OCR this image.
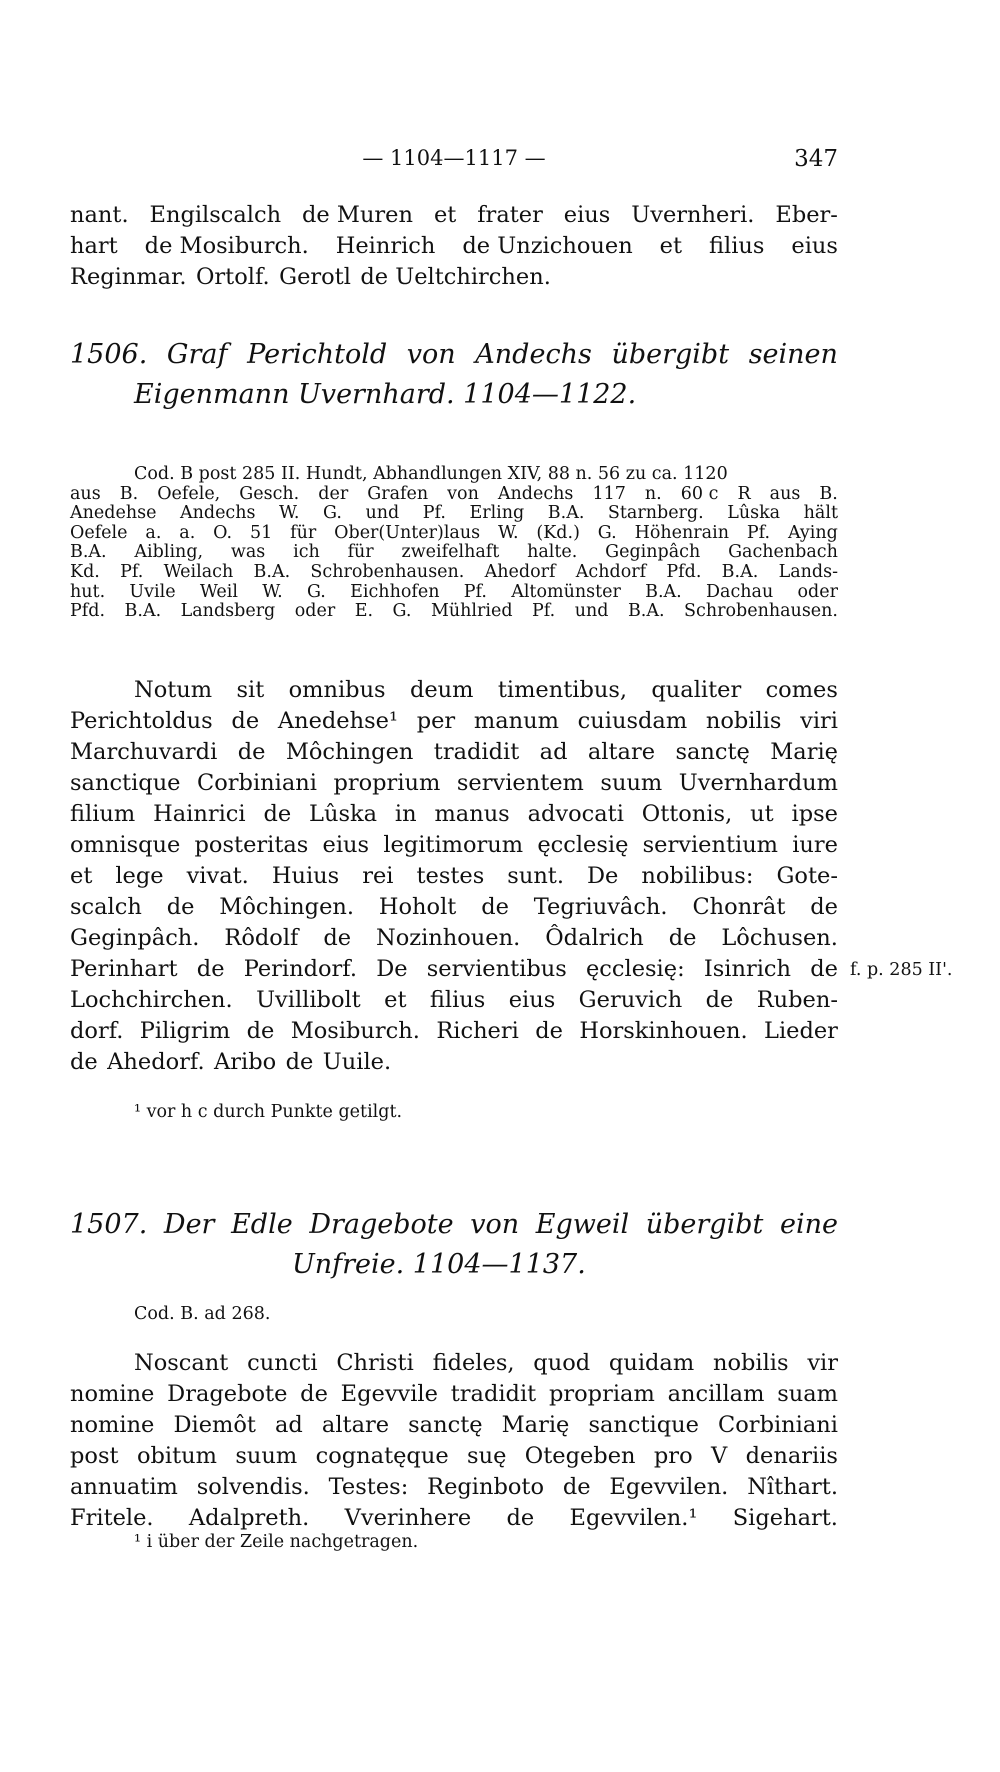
— 1104—1117 —	347
nant. Engilscalch de Muren et frater eius Uvernheri. Eber-
hart de Mosiburch. Heinrich de Unzichouen et filius eius
Reginmar. Ortolf. Gerotl de Ueltchirchen.
1506. Graf Perichtold von Andechs übergibt seinen
Eigenmann Uvernhard. 1104—1122.
Cod. B post 285 II. Hundt, Abhandlungen XIV, 88 n. 56 zu ca. 1120
aus B. Oefele, Gesch. der Grafen von Andechs 117 n. 60 c R aus B.
Anedehse Andechs W. G. und Pf. Erling B.A. Starnberg. Lûska hält
Oefele a. a. O. 51 für Ober(Unter)laus W. (Kd.) G. Höhenrain Pf. Aying
B.A. Aibling, was ich für zweifelhaft halte. Geginpâch Gachenbach
Kd. Pf. Weilach B.A. Schrobenhausen. Ahedorf Achdorf Pfd. B.A. Lands-
hut. Uvile Weil W. G. Eichhofen Pf. Altomünster B.A. Dachau oder
Pfd. B.A. Landsberg oder E. G. Mühlried Pf. und B.A. Schrobenhausen.
Notum sit omnibus deum timentibus, qualiter comes
Perichtoldus de Anedehse¹ per manum cuiusdam nobilis viri
Marchuvardi de Môchingen tradidit ad altare sanctę Marię
sanctique Corbiniani proprium servientem suum Uvernhardum
filium Hainrici de Lûska in manus advocati Ottonis, ut ipse
omnisque posteritas eius legitimorum ęcclesię servientium iure
et lege vivat. Huius rei testes sunt. De nobilibus: Gote-
scalch de Môchingen. Hoholt de Tegriuvâch. Chonrât de
Geginpâch. Rôdolf de Nozinhouen. Ôdalrich de Lôchusen.
Perinhart de Perindorf. De servientibus ęcclesię: Isinrich de
Lochchirchen. Uvillibolt et filius eius Geruvich de Ruben-
dorf. Piligrim de Mosiburch. Richeri de Horskinhouen. Lieder
de Ahedorf. Aribo de Uuile.
f. p. 285 II'.
¹ vor h c durch Punkte getilgt.
1507. Der Edle Dragebote von Egweil übergibt eine
Unfreie. 1104—1137.
Cod. B. ad 268.
Noscant cuncti Christi fideles, quod quidam nobilis vir
nomine Dragebote de Egevvile tradidit propriam ancillam suam
nomine Diemôt ad altare sanctę Marię sanctique Corbiniani
post obitum suum cognatęque suę Otegeben pro V denariis
annuatim solvendis. Testes: Reginboto de Egevvilen. Nîthart.
Fritele. Adalpreth. Vverinhere de Egevvilen.¹ Sigehart.
¹ i über der Zeile nachgetragen.
